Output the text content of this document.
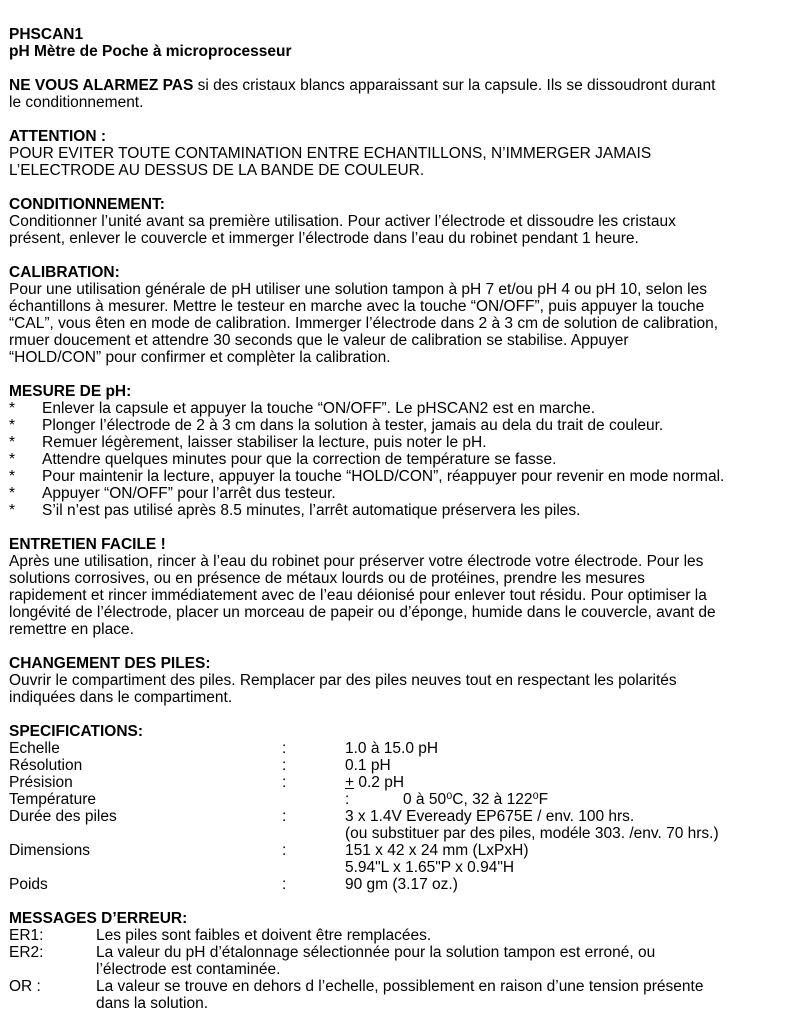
PHSCAN1
pH Mètre de Poche à microprocesseur
NE VOUS ALARMEZ PAS si des cristaux blancs apparaissant sur la capsule. Ils se dissoudront durant
le conditionnement.
ATTENTION :
POUR EVITER TOUTE CONTAMINATION ENTRE ECHANTILLONS, N’IMMERGER JAMAIS
L’ELECTRODE AU DESSUS DE LA BANDE DE COULEUR.
CONDITIONNEMENT:
Conditionner l’unité avant sa première utilisation. Pour activer l’électrode et dissoudre les cristaux
présent, enlever le couvercle et immerger l’électrode dans l’eau du robinet pendant 1 heure.
CALIBRATION:
Pour une utilisation générale de pH utiliser une solution tampon à pH 7 et/ou pH 4 ou pH 10, selon les
échantillons à mesurer. Mettre le testeur en marche avec la touche “ON/OFF”, puis appuyer la touche
“CAL”, vous êten en mode de calibration. Immerger l’électrode dans 2 à 3 cm de solution de calibration,
rmuer doucement et attendre 30 seconds que le valeur de calibration se stabilise. Appuyer
“HOLD/CON” pour confirmer et complèter la calibration.
MESURE DE pH:
*	Enlever la capsule et appuyer la touche “ON/OFF”. Le pHSCAN2 est en marche.
*	Plonger l’électrode de 2 à 3 cm dans la solution à tester, jamais au dela du trait de couleur.
*	Remuer légèrement, laisser stabiliser la lecture, puis noter le pH.
*	Attendre quelques minutes pour que la correction de température se fasse.
*	Pour maintenir la lecture, appuyer la touche “HOLD/CON”, réappuyer pour revenir en mode normal.
*	Appuyer “ON/OFF” pour l’arrêt dus testeur.
*	S’il n’est pas utilisé après 8.5 minutes, l’arrêt automatique préservera les piles.
ENTRETIEN FACILE !
Après une utilisation, rincer à l’eau du robinet pour préserver votre électrode votre électrode. Pour les
solutions corrosives, ou en présence de métaux lourds ou de protéines, prendre les mesures
rapidement et rincer immédiatement avec de l’eau déionisé pour enlever tout résidu. Pour optimiser la
longévité de l’électrode, placer un morceau de papeir ou d’éponge, humide dans le couvercle, avant de
remettre en place.
CHANGEMENT DES PILES:
Ouvrir le compartiment des piles. Remplacer par des piles neuves tout en respectant les polarités
indiquées dans le compartiment.
SPECIFICATIONS:
Echelle	:	1.0 à 15.0 pH
Résolution	:	0.1 pH
Présision	:	+ 0.2 pH
Température	:	0 à 50⁰C, 32 à 122⁰F
Durée des piles	:	3 x 1.4V Eveready EP675E / env. 100 hrs.
(ou substituer par des piles, modéle 303. /env. 70 hrs.)
Dimensions	:	151 x 42 x 24 mm (LxPxH)
5.94"L x 1.65"P x 0.94"H
Poids	:	90 gm (3.17 oz.)
MESSAGES D’ERREUR:
ER1:	Les piles sont faibles et doivent être remplacées.
ER2:	La valeur du pH d’étalonnage sélectionnée pour la solution tampon est erroné, ou
l’électrode est contaminée.
OR :	La valeur se trouve en dehors d l’echelle, possiblement en raison d’une tension présente
dans la solution.
